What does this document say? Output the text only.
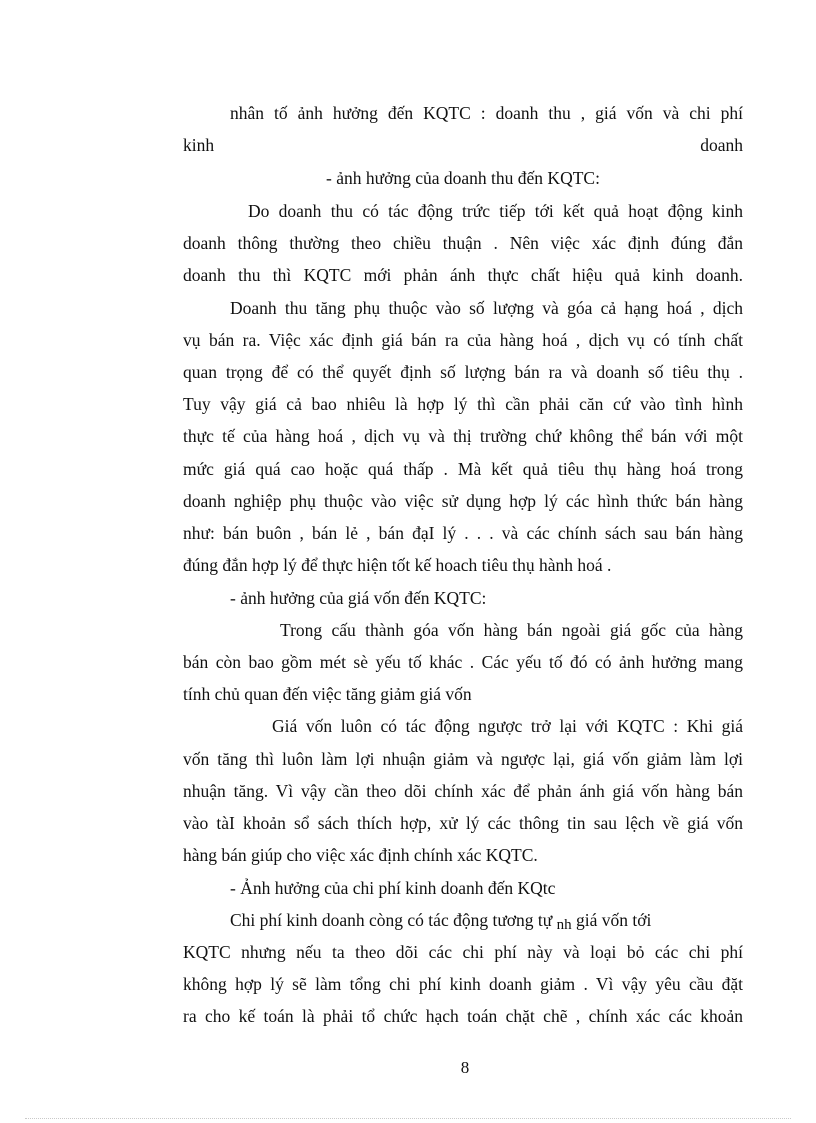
nhân tố ảnh hưởng đến KQTC : doanh thu , giá vốn và chi phí
kinh	doanh
- ảnh hưởng của doanh thu đến KQTC:
Do doanh thu có tác động trức tiếp tới kết quả hoạt động kinh
doanh thông thường theo chiều thuận . Nên việc xác định đúng đắn
doanh thu thì KQTC mới phản ánh thực chất hiệu quả kinh doanh.
Doanh thu tăng phụ thuộc vào số lượng và góa cả hạng hoá , dịch
vụ bán ra. Việc xác định giá bán ra của hàng hoá , dịch vụ có tính chất
quan trọng để có thể quyết định số lượng bán ra và doanh số tiêu thụ .
Tuy vậy giá cả bao nhiêu là hợp lý thì cần phải căn cứ vào tình hình
thực tế của hàng hoá , dịch vụ và thị trường chứ không thể bán với một
mức giá quá cao hoặc quá thấp . Mà kết quả tiêu thụ hàng hoá trong
doanh nghiệp phụ thuộc vào việc sử dụng hợp lý các hình thức bán hàng
như: bán buôn , bán lẻ , bán đạI lý . . . và các chính sách sau bán hàng
đúng đắn hợp lý để thực hiện tốt kế hoach tiêu thụ hành hoá .
- ảnh hưởng của giá vốn đến KQTC:
Trong cấu thành góa vốn hàng bán ngoài giá gốc của hàng
bán còn bao gồm mét sè yếu tố khác . Các yếu tố đó có ảnh hưởng mang
tính chủ quan đến việc tăng giảm giá vốn
Giá vốn luôn có tác động ngược trở lại với KQTC : Khi giá
vốn tăng thì luôn làm lợi nhuận giảm và ngược lại, giá vốn giảm làm lợi
nhuận tăng. Vì vậy cần theo dõi chính xác để phản ánh giá vốn hàng bán
vào tàI khoản sổ sách thích hợp, xử lý các thông tin sau lệch về giá vốn
hàng bán giúp cho việc xác định chính xác KQTC.
- Ảnh hưởng của chi phí kinh doanh đến KQtc
Chi phí kinh doanh còng có tác động tương tự nh giá vốn tới
KQTC nhưng nếu ta theo dõi các chi phí này và loại bỏ các chi phí
không hợp lý sẽ làm tổng chi phí kinh doanh giảm . Vì vậy yêu cầu đặt
ra cho kế toán là phải tổ chức hạch toán chặt chẽ , chính xác các khoản
8
